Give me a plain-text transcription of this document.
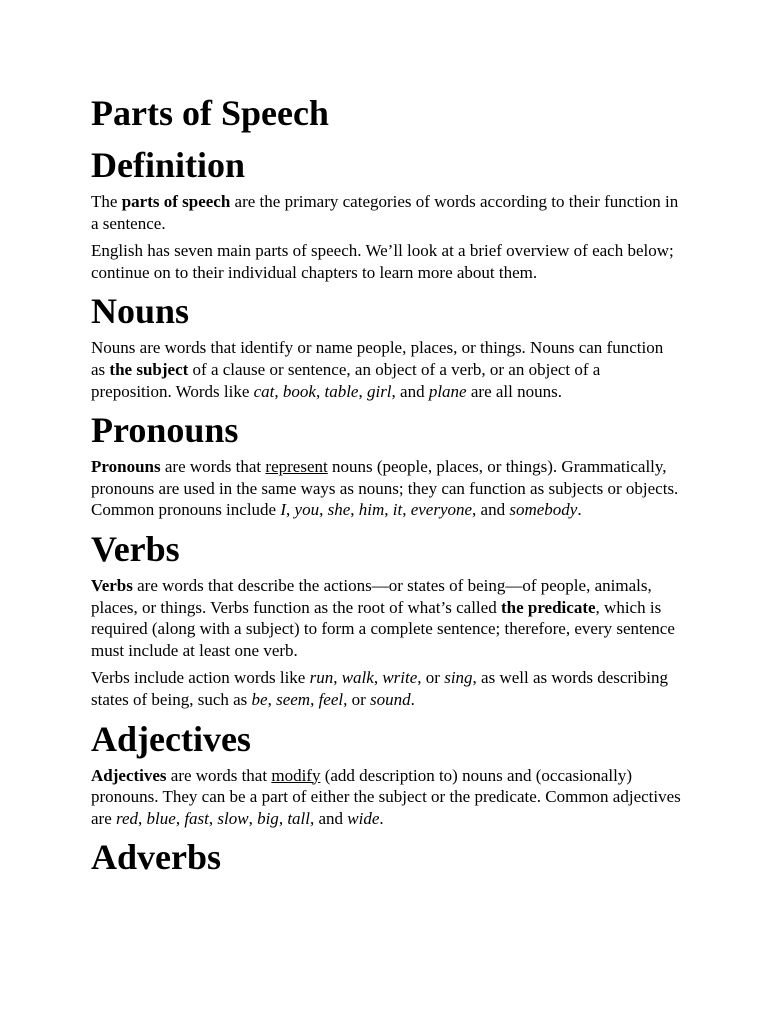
Parts of Speech
Definition

The parts of speech are the primary categories of words according to their function in a sentence.

English has seven main parts of speech. We’ll look at a brief overview of each below; continue on to their individual chapters to learn more about them.

Nouns

Nouns are words that identify or name people, places, or things. Nouns can function as the subject of a clause or sentence, an object of a verb, or an object of a preposition. Words like cat, book, table, girl, and plane are all nouns.

Pronouns

Pronouns are words that represent nouns (people, places, or things). Grammatically, pronouns are used in the same ways as nouns; they can function as subjects or objects. Common pronouns include I, you, she, him, it, everyone, and somebody.

Verbs

Verbs are words that describe the actions—or states of being—of people, animals, places, or things. Verbs function as the root of what’s called the predicate, which is required (along with a subject) to form a complete sentence; therefore, every sentence must include at least one verb.

Verbs include action words like run, walk, write, or sing, as well as words describing states of being, such as be, seem, feel, or sound.

Adjectives

Adjectives are words that modify (add description to) nouns and (occasionally) pronouns. They can be a part of either the subject or the predicate. Common adjectives are red, blue, fast, slow, big, tall, and wide.

Adverbs
